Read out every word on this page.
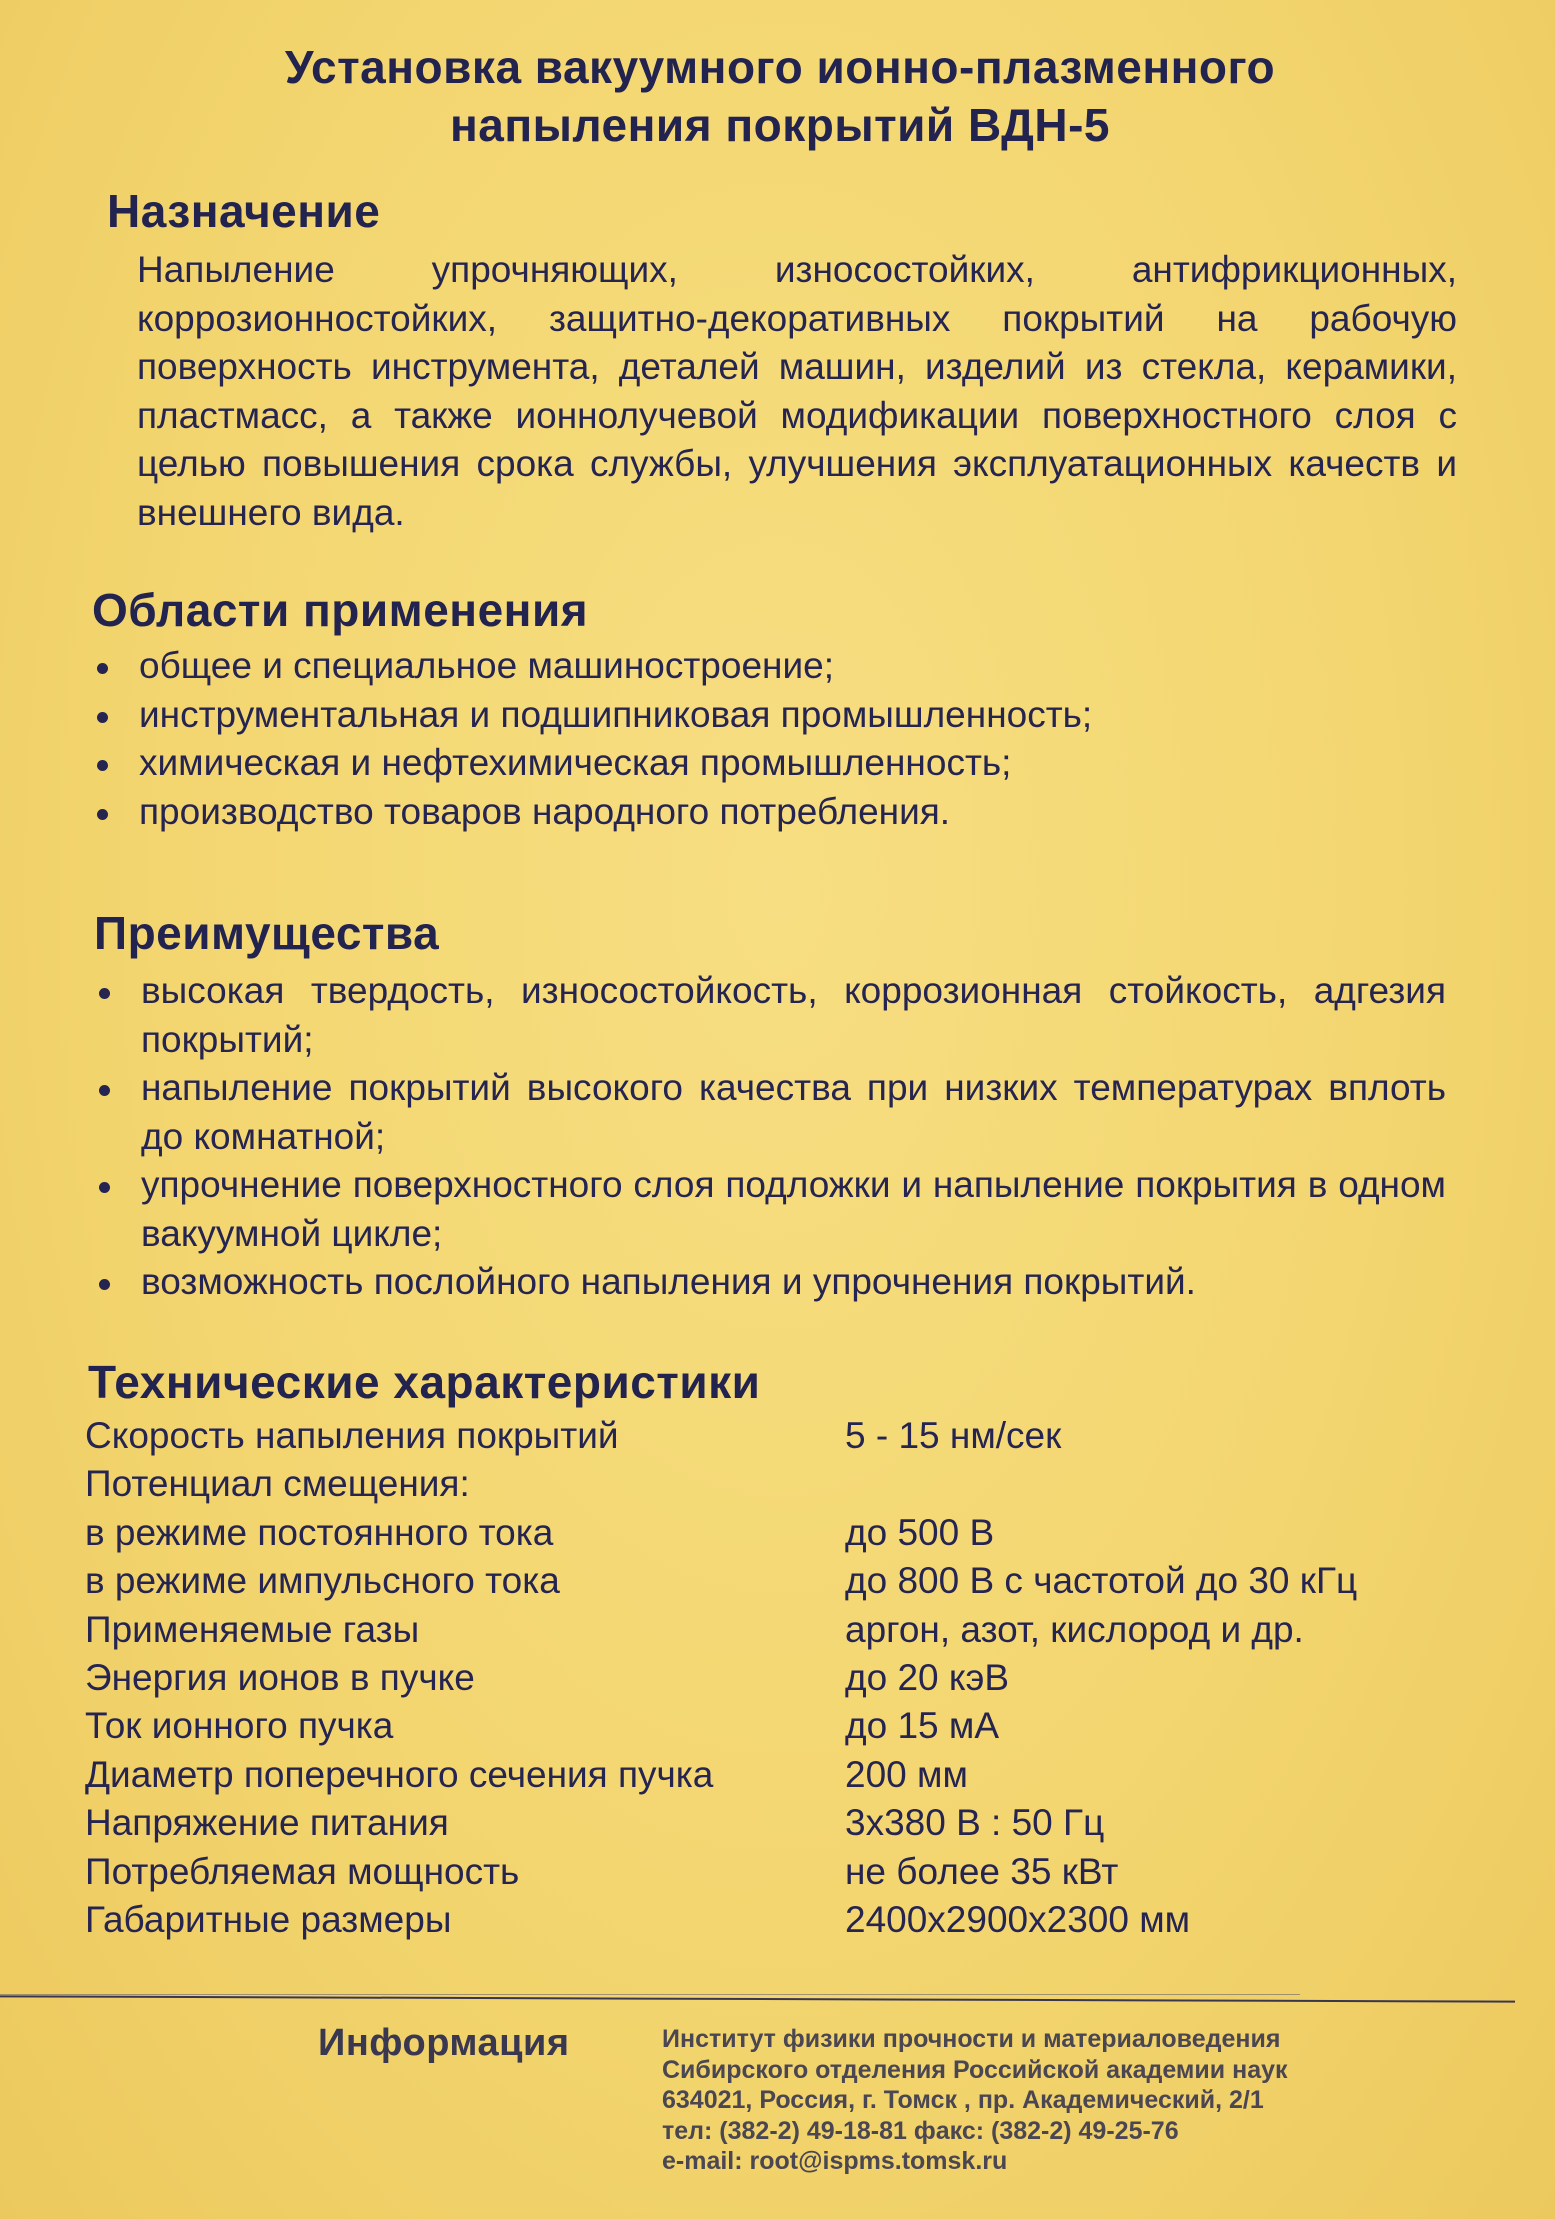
Установка вакуумного ионно-плазменного
напыления покрытий ВДН-5
Назначение
Напыление упрочняющих, износостойких, антифрикционных, коррозионностойких, защитно-декоративных покрытий на рабочую поверхность инструмента, деталей машин, изделий из стекла, керамики, пластмасс, а также ионнолучевой модификации поверхностного слоя с целью повышения срока службы, улучшения эксплуатационных качеств и внешнего вида.
Области применения
общее и специальное машиностроение;
инструментальная и подшипниковая промышленность;
химическая и нефтехимическая промышленность;
производство товаров народного потребления.
Преимущества
высокая твердость, износостойкость, коррозионная стойкость, адгезия покрытий;
напыление покрытий высокого качества при низких температурах вплоть до комнатной;
упрочнение поверхностного слоя подложки и напыление покрытия в одном вакуумной цикле;
возможность послойного напыления и упрочнения покрытий.
Технические характеристики
Скорость напыления покрытий	5 - 15 нм/сек
Потенциал смещения:
в режиме постоянного тока	до 500 В
в режиме импульсного тока	до 800 В с частотой до 30 кГц
Применяемые газы	аргон, азот, кислород и др.
Энергия ионов в пучке	до 20 кэВ
Ток ионного пучка	до 15 мА
Диаметр поперечного сечения пучка	200 мм
Напряжение питания	3x380 В : 50 Гц
Потребляемая мощность	не более 35 кВт
Габаритные размеры	2400x2900x2300 мм
Информация	Институт физики прочности и материаловедения
Сибирского отделения Российской академии наук
634021, Россия, г. Томск , пр. Академический, 2/1
тел: (382-2) 49-18-81 факс: (382-2) 49-25-76
e-mail: root@ispms.tomsk.ru
